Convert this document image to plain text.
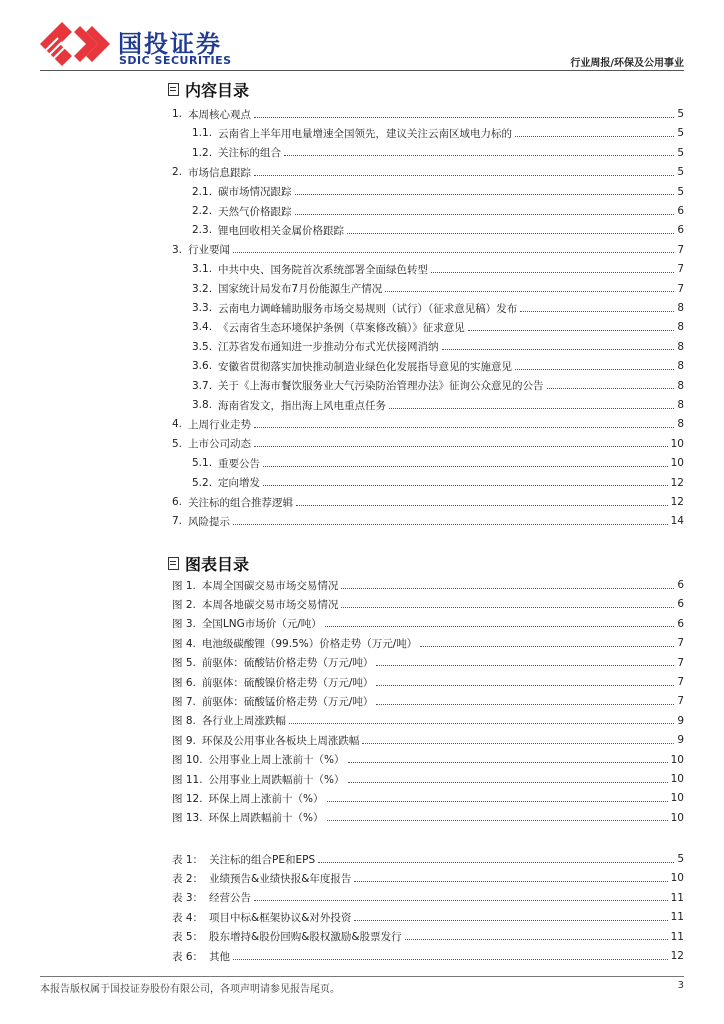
国投证券
SDIC SECURITIES	行业周报/环保及公用事业
内容目录
1. 本周核心观点	5
1.1. 云南省上半年用电量增速全国领先，建议关注云南区域电力标的	5
1.2. 关注标的组合	5
2. 市场信息跟踪	5
2.1. 碳市场情况跟踪	5
2.2. 天然气价格跟踪	6
2.3. 锂电回收相关金属价格跟踪	6
3. 行业要闻	7
3.1. 中共中央、国务院首次系统部署全面绿色转型	7
3.2. 国家统计局发布7月份能源生产情况	7
3.3. 云南电力调峰辅助服务市场交易规则（试行）（征求意见稿）发布	8
3.4. 《云南省生态环境保护条例（草案修改稿）》征求意见	8
3.5. 江苏省发布通知进一步推动分布式光伏接网消纳	8
3.6. 安徽省贯彻落实加快推动制造业绿色化发展指导意见的实施意见	8
3.7. 关于《上海市餐饮服务业大气污染防治管理办法》征询公众意见的公告	8
3.8. 海南省发文，指出海上风电重点任务	8
4. 上周行业走势	8
5. 上市公司动态	10
5.1. 重要公告	10
5.2. 定向增发	12
6. 关注标的组合推荐逻辑	12
7. 风险提示	14
图表目录
图 1. 本周全国碳交易市场交易情况	6
图 2. 本周各地碳交易市场交易情况	6
图 3. 全国LNG市场价（元/吨）	6
图 4. 电池级碳酸锂（99.5%）价格走势（万元/吨）	7
图 5. 前驱体：硫酸钴价格走势（万元/吨）	7
图 6. 前驱体：硫酸镍价格走势（万元/吨）	7
图 7. 前驱体：硫酸锰价格走势（万元/吨）	7
图 8. 各行业上周涨跌幅	9
图 9. 环保及公用事业各板块上周涨跌幅	9
图 10. 公用事业上周上涨前十（%）	10
图 11. 公用事业上周跌幅前十（%）	10
图 12. 环保上周上涨前十（%）	10
图 13. 环保上周跌幅前十（%）	10
表 1： 关注标的组合PE和EPS	5
表 2： 业绩预告&业绩快报&年度报告	10
表 3： 经营公告	11
表 4： 项目中标&框架协议&对外投资	11
表 5： 股东增持&股份回购&股权激励&股票发行	11
表 6： 其他	12
本报告版权属于国投证券股份有限公司，各项声明请参见报告尾页。	3
